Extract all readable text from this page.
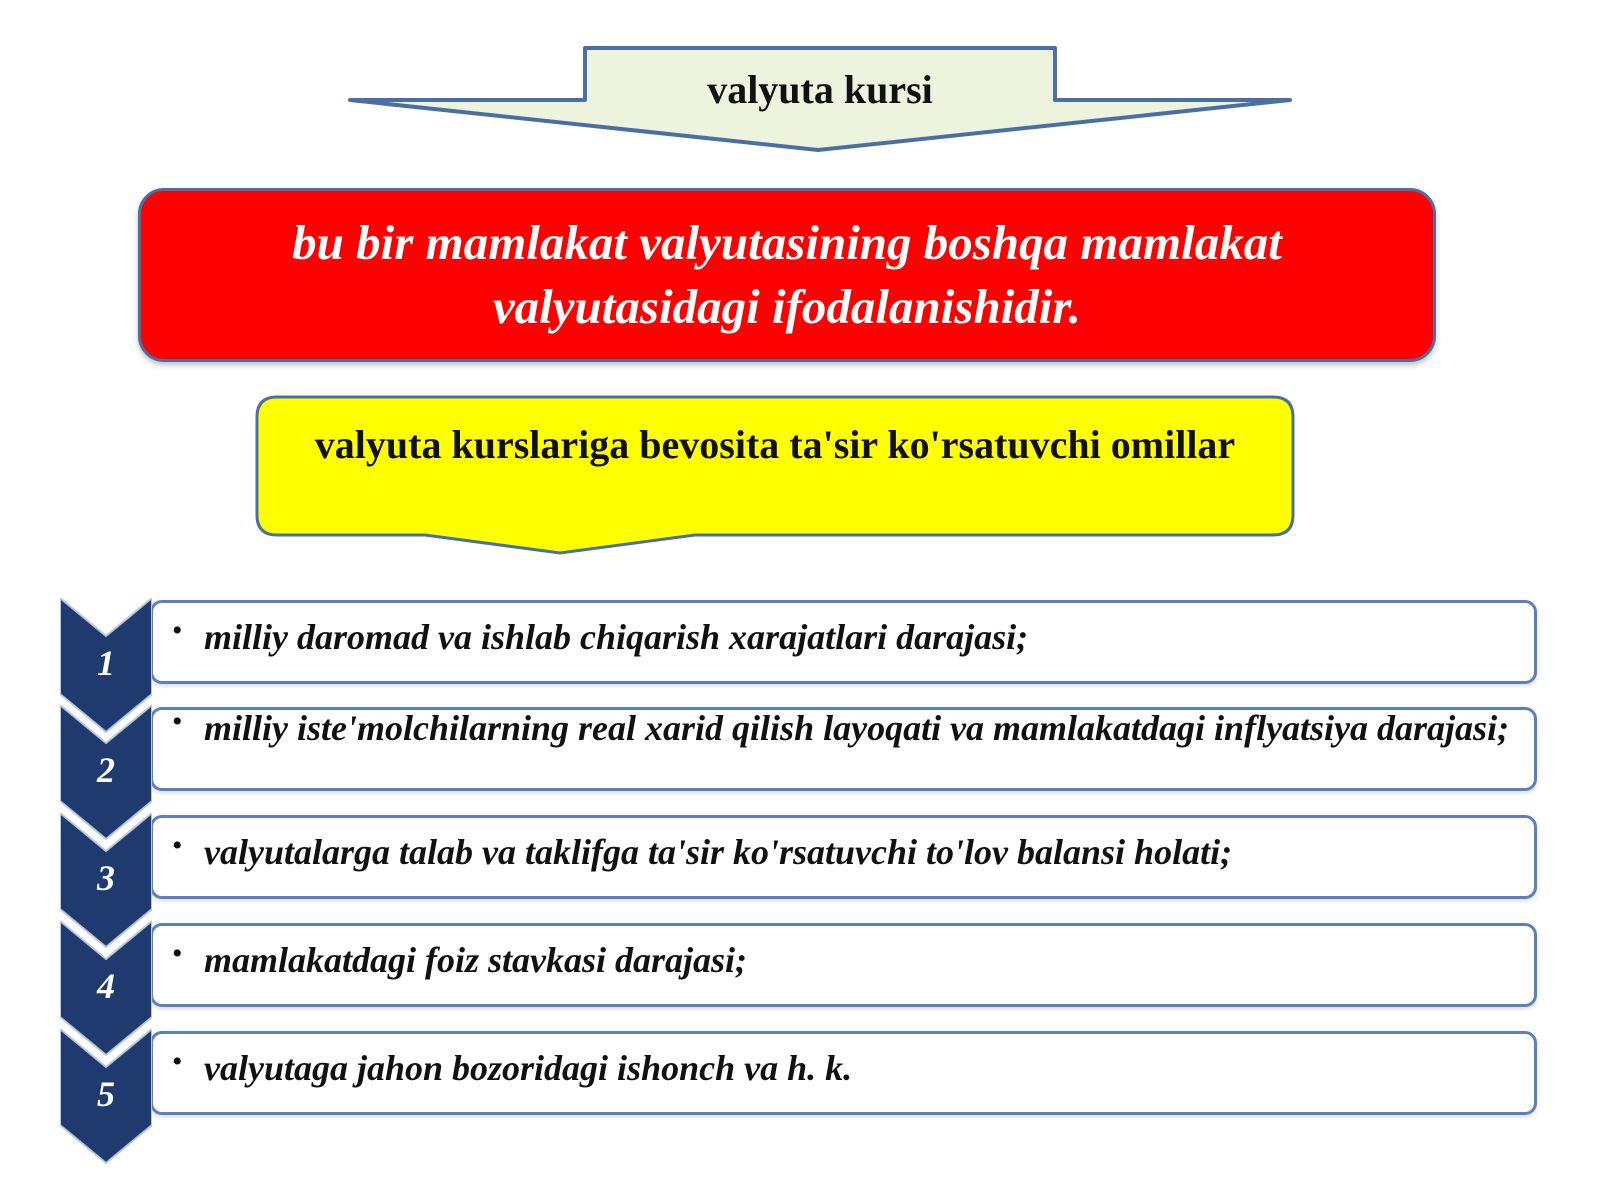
valyuta kursi
bu bir mamlakat valyutasining boshqa mamlakat valyutasidagi ifodalanishidir.
valyuta kurslariga bevosita ta'sir ko'rsatuvchi omillar
1
• milliy daromad va ishlab chiqarish xarajatlari darajasi;
2
• milliy iste'molchilarning real xarid qilish layoqati va mamlakatdagi inflyatsiya darajasi;
3
• valyutalarga talab va taklifga ta'sir ko'rsatuvchi to'lov balansi holati;
4
• mamlakatdagi foiz stavkasi darajasi;
5
• valyutaga jahon bozoridagi ishonch va h. k.
